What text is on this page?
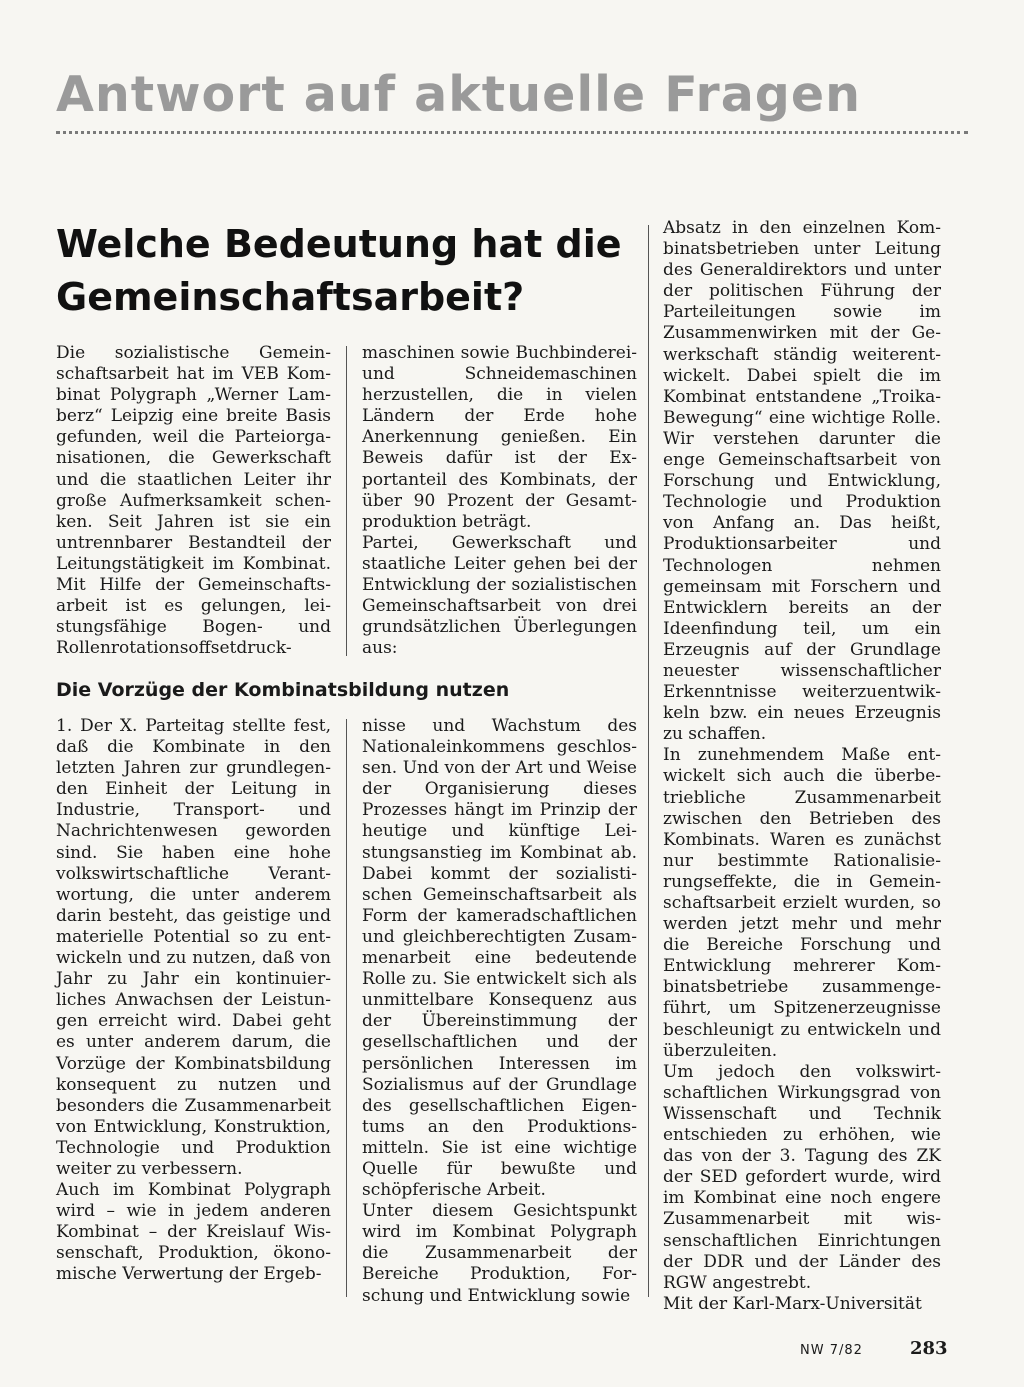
Antwort auf aktuelle Fragen
Welche Bedeutung hat die Gemeinschaftsarbeit?

Die sozialistische Gemeinschaftsarbeit hat im VEB Kombinat Polygraph „Werner Lamberz“ Leipzig eine breite Basis gefunden, weil die Parteiorganisationen, die Gewerkschaft und die staatlichen Leiter ihr große Aufmerksamkeit schenken. Seit Jahren ist sie ein untrennbarer Bestandteil der Leitungstätigkeit im Kombinat. Mit Hilfe der Gemeinschaftsarbeit ist es gelungen, leistungsfähige Bogen- und Rollenrotationsoffsetdruck-

maschinen sowie Buchbinderei- und Schneidemaschinen herzustellen, die in vielen Ländern der Erde hohe Anerkennung genießen. Ein Beweis dafür ist der Exportanteil des Kombinats, der über 90 Prozent der Gesamtproduktion beträgt.

Partei, Gewerkschaft und staatliche Leiter gehen bei der Entwicklung der sozialistischen Gemeinschaftsarbeit von drei grundsätzlichen Überlegungen aus:

Die Vorzüge der Kombinatsbildung nutzen

1. Der X. Parteitag stellte fest, daß die Kombinate in den letzten Jahren zur grundlegenden Einheit der Leitung in Industrie, Transport- und Nachrichtenwesen geworden sind. Sie haben eine hohe volkswirtschaftliche Verantwortung, die unter anderem darin besteht, das geistige und materielle Potential so zu entwickeln und zu nutzen, daß von Jahr zu Jahr ein kontinuierliches Anwachsen der Leistungen erreicht wird. Dabei geht es unter anderem darum, die Vorzüge der Kombinatsbildung konsequent zu nutzen und besonders die Zusammenarbeit von Entwicklung, Konstruktion, Technologie und Produktion weiter zu verbessern.

Auch im Kombinat Polygraph wird – wie in jedem anderen Kombinat – der Kreislauf Wissenschaft, Produktion, ökonomische Verwertung der Ergeb-

nisse und Wachstum des Nationaleinkommens geschlossen. Und von der Art und Weise der Organisierung dieses Prozesses hängt im Prinzip der heutige und künftige Leistungsanstieg im Kombinat ab. Dabei kommt der sozialistischen Gemeinschaftsarbeit als Form der kameradschaftlichen und gleichberechtigten Zusammenarbeit eine bedeutende Rolle zu. Sie entwickelt sich als unmittelbare Konsequenz aus der Übereinstimmung der gesellschaftlichen und der persönlichen Interessen im Sozialismus auf der Grundlage des gesellschaftlichen Eigentums an den Produktionsmitteln. Sie ist eine wichtige Quelle für bewußte und schöpferische Arbeit.

Unter diesem Gesichtspunkt wird im Kombinat Polygraph die Zusammenarbeit der Bereiche Produktion, Forschung und Entwicklung sowie

Absatz in den einzelnen Kombinatsbetrieben unter Leitung des Generaldirektors und unter der politischen Führung der Parteileitungen sowie im Zusammenwirken mit der Gewerkschaft ständig weiterentwickelt. Dabei spielt die im Kombinat entstandene „Troika-Bewegung“ eine wichtige Rolle. Wir verstehen darunter die enge Gemeinschaftsarbeit von Forschung und Entwicklung, Technologie und Produktion von Anfang an. Das heißt, Produktionsarbeiter und Technologen nehmen gemeinsam mit Forschern und Entwicklern bereits an der Ideenfindung teil, um ein Erzeugnis auf der Grundlage neuester wissenschaftlicher Erkenntnisse weiterzuentwikkeln bzw. ein neues Erzeugnis zu schaffen.

In zunehmendem Maße entwickelt sich auch die überbetriebliche Zusammenarbeit zwischen den Betrieben des Kombinats. Waren es zunächst nur bestimmte Rationalisierungseffekte, die in Gemeinschaftsarbeit erzielt wurden, so werden jetzt mehr und mehr die Bereiche Forschung und Entwicklung mehrerer Kombinatsbetriebe zusammengeführt, um Spitzenerzeugnisse beschleunigt zu entwickeln und überzuleiten.

Um jedoch den volkswirtschaftlichen Wirkungsgrad von Wissenschaft und Technik entschieden zu erhöhen, wie das von der 3. Tagung des ZK der SED gefordert wurde, wird im Kombinat eine noch engere Zusammenarbeit mit wissenschaftlichen Einrichtungen der DDR und der Länder des RGW angestrebt.

Mit der Karl-Marx-Universität

NW 7/82	283
